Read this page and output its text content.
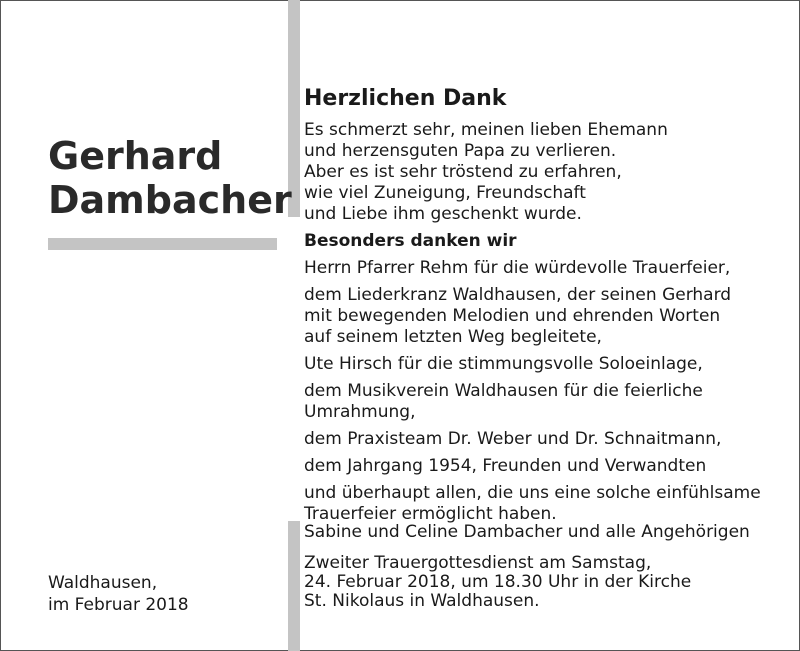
Gerhard
Dambacher
Waldhausen,
im Februar 2018
Herzlichen Dank
Es schmerzt sehr, meinen lieben Ehemann
und herzensguten Papa zu verlieren.
Aber es ist sehr tröstend zu erfahren,
wie viel Zuneigung, Freundschaft
und Liebe ihm geschenkt wurde.
Besonders danken wir
Herrn Pfarrer Rehm für die würdevolle Trauerfeier,
dem Liederkranz Waldhausen, der seinen Gerhard
mit bewegenden Melodien und ehrenden Worten
auf seinem letzten Weg begleitete,
Ute Hirsch für die stimmungsvolle Soloeinlage,
dem Musikverein Waldhausen für die feierliche
Umrahmung,
dem Praxisteam Dr. Weber und Dr. Schnaitmann,
dem Jahrgang 1954, Freunden und Verwandten
und überhaupt allen, die uns eine solche einfühlsame
Trauerfeier ermöglicht haben.
Sabine und Celine Dambacher und alle Angehörigen
Zweiter Trauergottesdienst am Samstag,
24. Februar 2018, um 18.30 Uhr in der Kirche
St. Nikolaus in Waldhausen.
